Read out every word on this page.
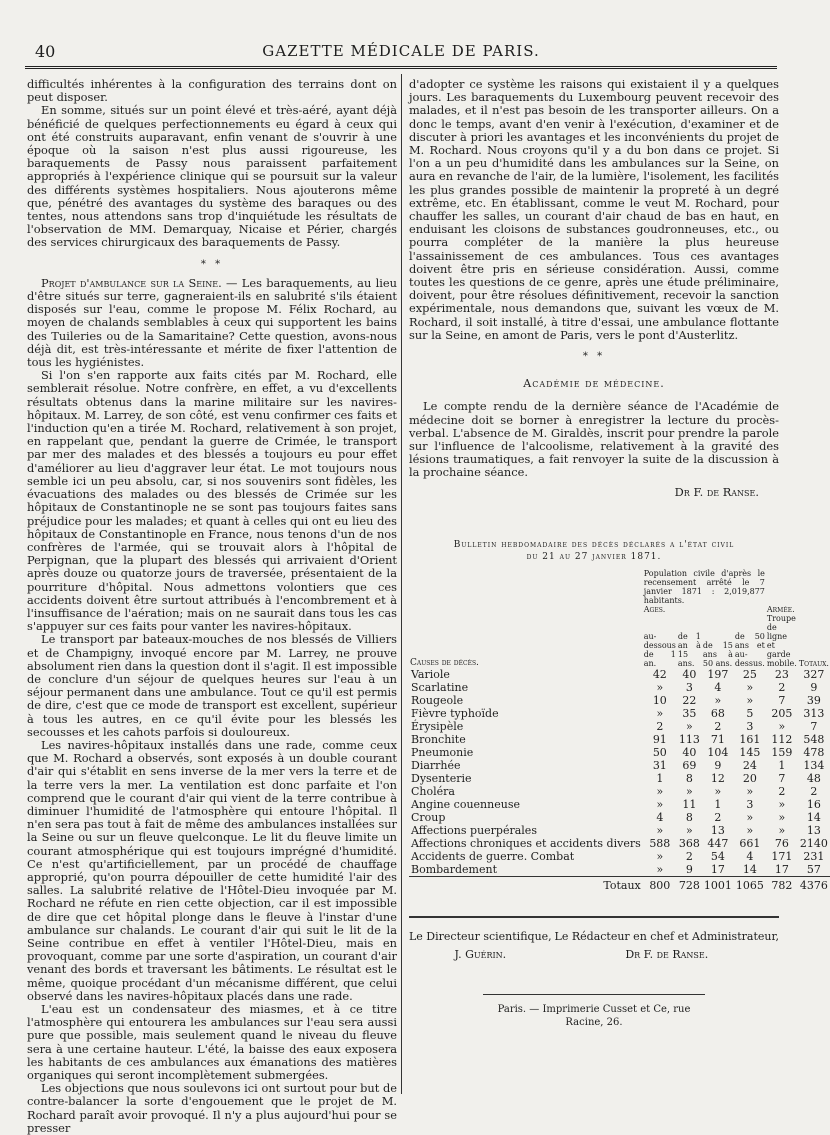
40	GAZETTE MÉDICALE DE PARIS.

difficultés inhérentes à la configuration des terrains dont on peut disposer.

En somme, situés sur un point élevé et très-aéré, ayant déjà bénéficié de quelques perfectionnements eu égard à ceux qui ont été construits auparavant, enfin venant de s'ouvrir à une époque où la saison n'est plus aussi rigoureuse, les baraquements de Passy nous paraissent parfaitement appropriés à l'expérience clinique qui se poursuit sur la valeur des différents systèmes hospitaliers. Nous ajouterons même que, pénétré des avantages du système des baraques ou des tentes, nous attendons sans trop d'inquiétude les résultats de l'observation de MM. Demarquay, Nicaise et Périer, chargés des services chirurgicaux des baraquements de Passy.

* *

Projet d'ambulance sur la Seine. — Les baraquements, au lieu d'être situés sur terre, gagneraient-ils en salubrité s'ils étaient disposés sur l'eau, comme le propose M. Félix Rochard, au moyen de chalands semblables à ceux qui supportent les bains des Tuileries ou de la Samaritaine? Cette question, avons-nous déjà dit, est très-intéressante et mérite de fixer l'attention de tous les hygiénistes.

Si l'on s'en rapporte aux faits cités par M. Rochard, elle semblerait résolue. Notre confrère, en effet, a vu d'excellents résultats obtenus dans la marine militaire sur les navires-hôpitaux. M. Larrey, de son côté, est venu confirmer ces faits et l'induction qu'en a tirée M. Rochard, relativement à son projet, en rappelant que, pendant la guerre de Crimée, le transport par mer des malades et des blessés a toujours eu pour effet d'améliorer au lieu d'aggraver leur état. Le mot toujours nous semble ici un peu absolu, car, si nos souvenirs sont fidèles, les évacuations des malades ou des blessés de Crimée sur les hôpitaux de Constantinople ne se sont pas toujours faites sans préjudice pour les malades; et quant à celles qui ont eu lieu des hôpitaux de Constantinople en France, nous tenons d'un de nos confrères de l'armée, qui se trouvait alors à l'hôpital de Perpignan, que la plupart des blessés qui arrivaient d'Orient après douze ou quatorze jours de traversée, présentaient de la pourriture d'hôpital. Nous admettons volontiers que ces accidents doivent être surtout attribués à l'encombrement et à l'insuffisance de l'aération; mais on ne saurait dans tous les cas s'appuyer sur ces faits pour vanter les navires-hôpitaux.

Le transport par bateaux-mouches de nos blessés de Villiers et de Champigny, invoqué encore par M. Larrey, ne prouve absolument rien dans la question dont il s'agit. Il est impossible de conclure d'un séjour de quelques heures sur l'eau à un séjour permanent dans une ambulance. Tout ce qu'il est permis de dire, c'est que ce mode de transport est excellent, supérieur à tous les autres, en ce qu'il évite pour les blessés les secousses et les cahots parfois si douloureux.

Les navires-hôpitaux installés dans une rade, comme ceux que M. Rochard a observés, sont exposés à un double courant d'air qui s'établit en sens inverse de la mer vers la terre et de la terre vers la mer. La ventilation est donc parfaite et l'on comprend que le courant d'air qui vient de la terre contribue à diminuer l'humidité de l'atmosphère qui entoure l'hôpital. Il n'en sera pas tout à fait de même des ambulances installées sur la Seine ou sur un fleuve quelconque. Le lit du fleuve limite un courant atmosphérique qui est toujours imprégné d'humidité. Ce n'est qu'artificiellement, par un procédé de chauffage approprié, qu'on pourra dépouiller de cette humidité l'air des salles. La salubrité relative de l'Hôtel-Dieu invoquée par M. Rochard ne réfute en rien cette objection, car il est impossible de dire que cet hôpital plonge dans le fleuve à l'instar d'une ambulance sur chalands. Le courant d'air qui suit le lit de la Seine contribue en effet à ventiler l'Hôtel-Dieu, mais en provoquant, comme par une sorte d'aspiration, un courant d'air venant des bords et traversant les bâtiments. Le résultat est le même, quoique procédant d'un mécanisme différent, que celui observé dans les navires-hôpitaux placés dans une rade.

L'eau est un condensateur des miasmes, et à ce titre l'atmosphère qui entourera les ambulances sur l'eau sera aussi pure que possible, mais seulement quand le niveau du fleuve sera à une certaine hauteur. L'été, la baisse des eaux exposera les habitants de ces ambulances aux émanations des matières organiques qui seront incomplètement submergées.

Les objections que nous soulevons ici ont surtout pour but de contre-balancer la sorte d'engouement que le projet de M. Rochard paraît avoir provoqué. Il n'y a plus aujourd'hui pour se presser

d'adopter ce système les raisons qui existaient il y a quelques jours. Les baraquements du Luxembourg peuvent recevoir des malades, et il n'est pas besoin de les transporter ailleurs. On a donc le temps, avant d'en venir à l'exécution, d'examiner et de discuter à priori les avantages et les inconvénients du projet de M. Rochard. Nous croyons qu'il y a du bon dans ce projet. Si l'on a un peu d'humidité dans les ambulances sur la Seine, on aura en revanche de l'air, de la lumière, l'isolement, les facilités les plus grandes possible de maintenir la propreté à un degré extrême, etc. En établissant, comme le veut M. Rochard, pour chauffer les salles, un courant d'air chaud de bas en haut, en enduisant les cloisons de substances goudronneuses, etc., ou pourra compléter de la manière la plus heureuse l'assainissement de ces ambulances. Tous ces avantages doivent être pris en sérieuse considération. Aussi, comme toutes les questions de ce genre, après une étude préliminaire, doivent, pour être résolues définitivement, recevoir la sanction expérimentale, nous demandons que, suivant les vœux de M. Rochard, il soit installé, à titre d'essai, une ambulance flottante sur la Seine, en amont de Paris, vers le pont d'Austerlitz.

* *
Académie de médecine.

Le compte rendu de la dernière séance de l'Académie de médecine doit se borner à enregistrer la lecture du procès-verbal. L'absence de M. Giraldès, inscrit pour prendre la parole sur l'influence de l'alcoolisme, relativement à la gravité des lésions traumatiques, a fait renvoyer la suite de la discussion à la prochaine séance.

Dr F. de Ranse.
Bulletin hebdomadaire des décès déclarés a l'état civil
du 21 au 27 janvier 1871.
Causes de décès.	Population civile d'après le recensement arrêté le 7 janvier 1871 : 2,019,877 habitants.
Ages.				Armée.	Totaux.
	au-dessous de 1 an.	de 1 an à 15 ans.	de 15 ans à 50 ans.	de 50 ans et au-dessus.	Troupe de ligne et garde mobile.	
Variole	42	40	197	25	23	327
Scarlatine	»	3	4	»	2	9
Rougeole	10	22	»	»	7	39
Fièvre typhoïde	»	35	68	5	205	313
Érysipèle	2	»	2	3	»	7
Bronchite	91	113	71	161	112	548
Pneumonie	50	40	104	145	159	478
Diarrhée	31	69	9	24	1	134
Dysenterie	1	8	12	20	7	48
Choléra	»	»	»	»	2	2
Angine couenneuse	»	11	1	3	»	16
Croup	4	8	2	»	»	14
Affections puerpérales	»	»	13	»	»	13
Affections chroniques et accidents divers	588	368	447	661	76	2140
Accidents de guerre. Combat	»	2	54	4	171	231
Bombardement	»	9	17	14	17	57
Totaux	800	728	1001	1065	782	4376
Le Directeur scientifique,
J. Guérin.
Le Rédacteur en chef et Administrateur,
Dr F. de Ranse.
Paris. — Imprimerie Cusset et Ce, rue Racine, 26.
